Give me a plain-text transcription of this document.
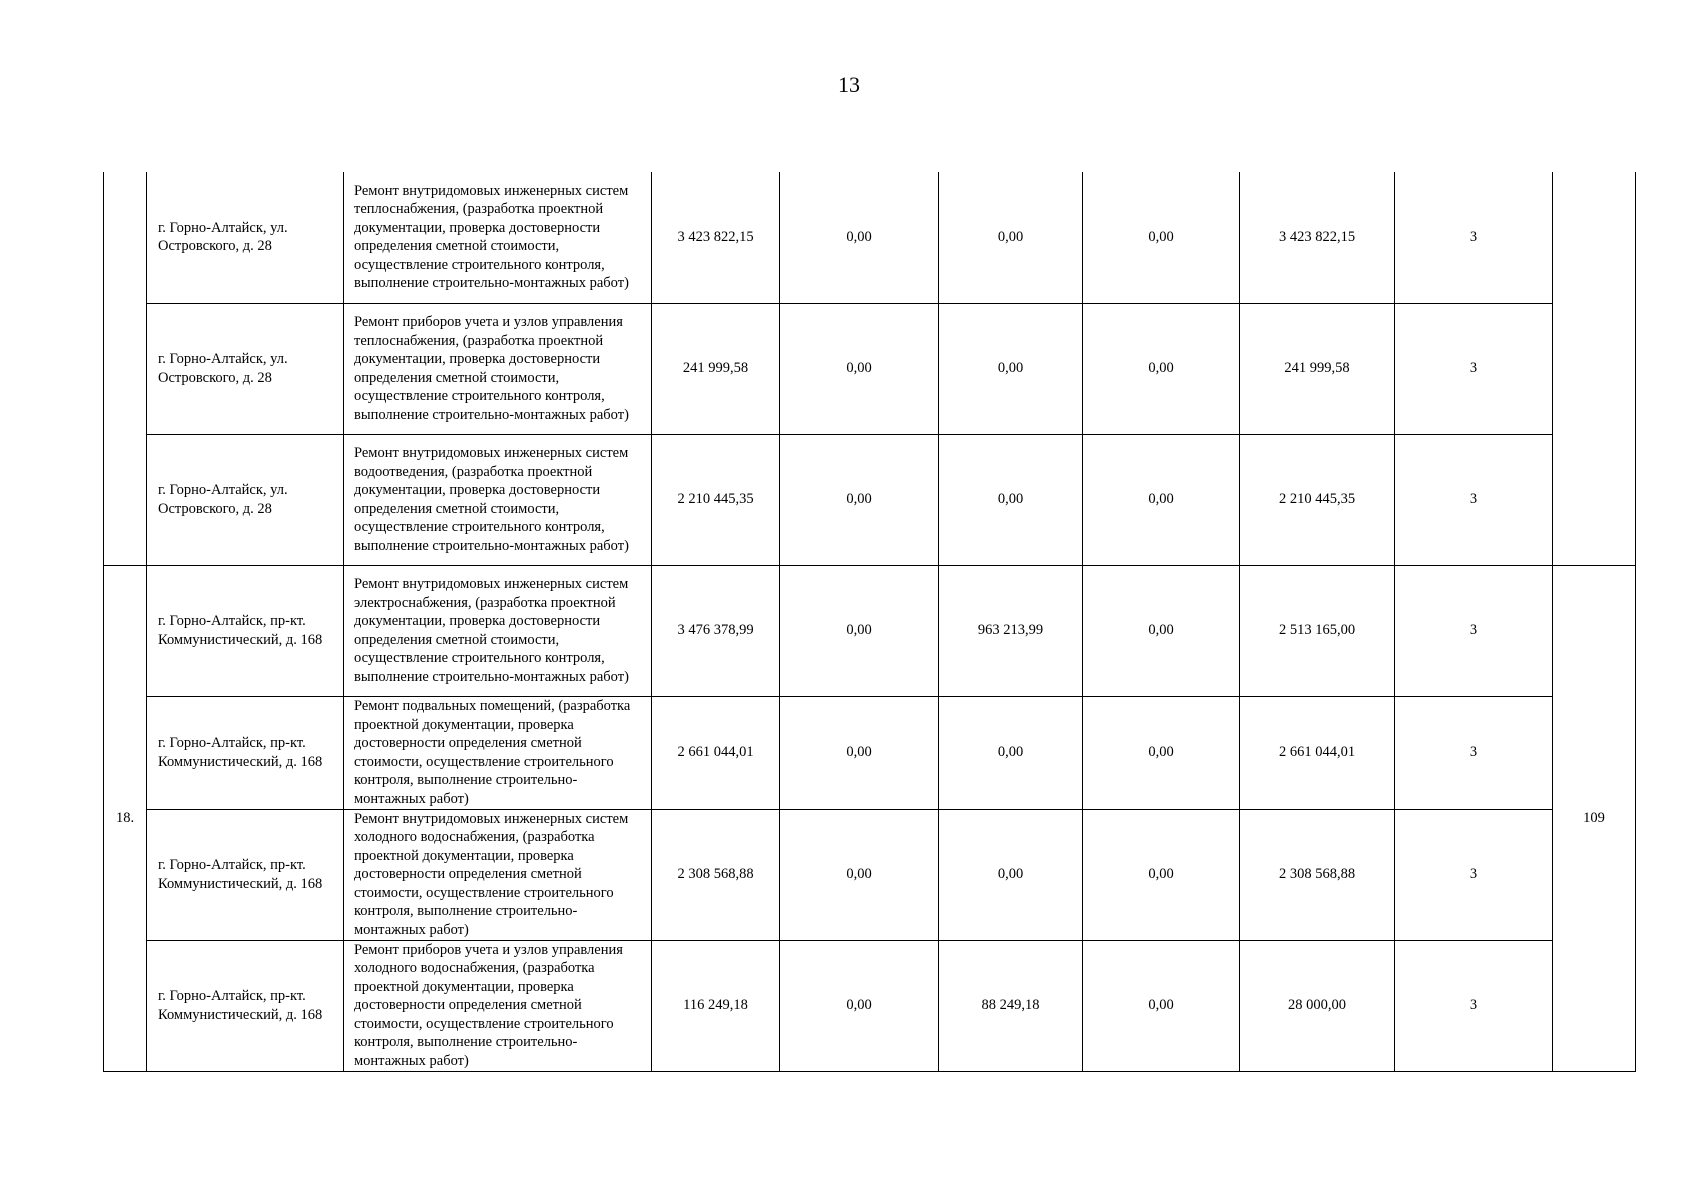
13
	г. Горно-Алтайск, ул. Островского, д. 28	Ремонт внутридомовых инженерных систем теплоснабжения, (разработка проектной документации, проверка достоверности определения сметной стоимости, осуществление строительного контроля, выполнение строительно-монтажных работ)	3 423 822,15	0,00	0,00	0,00	3 423 822,15	3	
	г. Горно-Алтайск, ул. Островского, д. 28	Ремонт приборов учета и узлов управления теплоснабжения, (разработка проектной документации, проверка достоверности определения сметной стоимости, осуществление строительного контроля, выполнение строительно-монтажных работ)	241 999,58	0,00	0,00	0,00	241 999,58	3	
	г. Горно-Алтайск, ул. Островского, д. 28	Ремонт внутридомовых инженерных систем водоотведения, (разработка проектной документации, проверка достоверности определения сметной стоимости, осуществление строительного контроля, выполнение строительно-монтажных работ)	2 210 445,35	0,00	0,00	0,00	2 210 445,35	3	
18.	г. Горно-Алтайск, пр-кт. Коммунистический, д. 168	Ремонт внутридомовых инженерных систем электроснабжения, (разработка проектной документации, проверка достоверности определения сметной стоимости, осуществление строительного контроля, выполнение строительно-монтажных работ)	3 476 378,99	0,00	963 213,99	0,00	2 513 165,00	3	109
	г. Горно-Алтайск, пр-кт. Коммунистический, д. 168	Ремонт подвальных помещений, (разработка проектной документации, проверка достоверности определения сметной стоимости, осуществление строительного контроля, выполнение строительно-монтажных работ)	2 661 044,01	0,00	0,00	0,00	2 661 044,01	3	
	г. Горно-Алтайск, пр-кт. Коммунистический, д. 168	Ремонт внутридомовых инженерных систем холодного водоснабжения, (разработка проектной документации, проверка достоверности определения сметной стоимости, осуществление строительного контроля, выполнение строительно-монтажных работ)	2 308 568,88	0,00	0,00	0,00	2 308 568,88	3	
	г. Горно-Алтайск, пр-кт. Коммунистический, д. 168	Ремонт приборов учета и узлов управления холодного водоснабжения, (разработка проектной документации, проверка достоверности определения сметной стоимости, осуществление строительного контроля, выполнение строительно-монтажных работ)	116 249,18	0,00	88 249,18	0,00	28 000,00	3	
